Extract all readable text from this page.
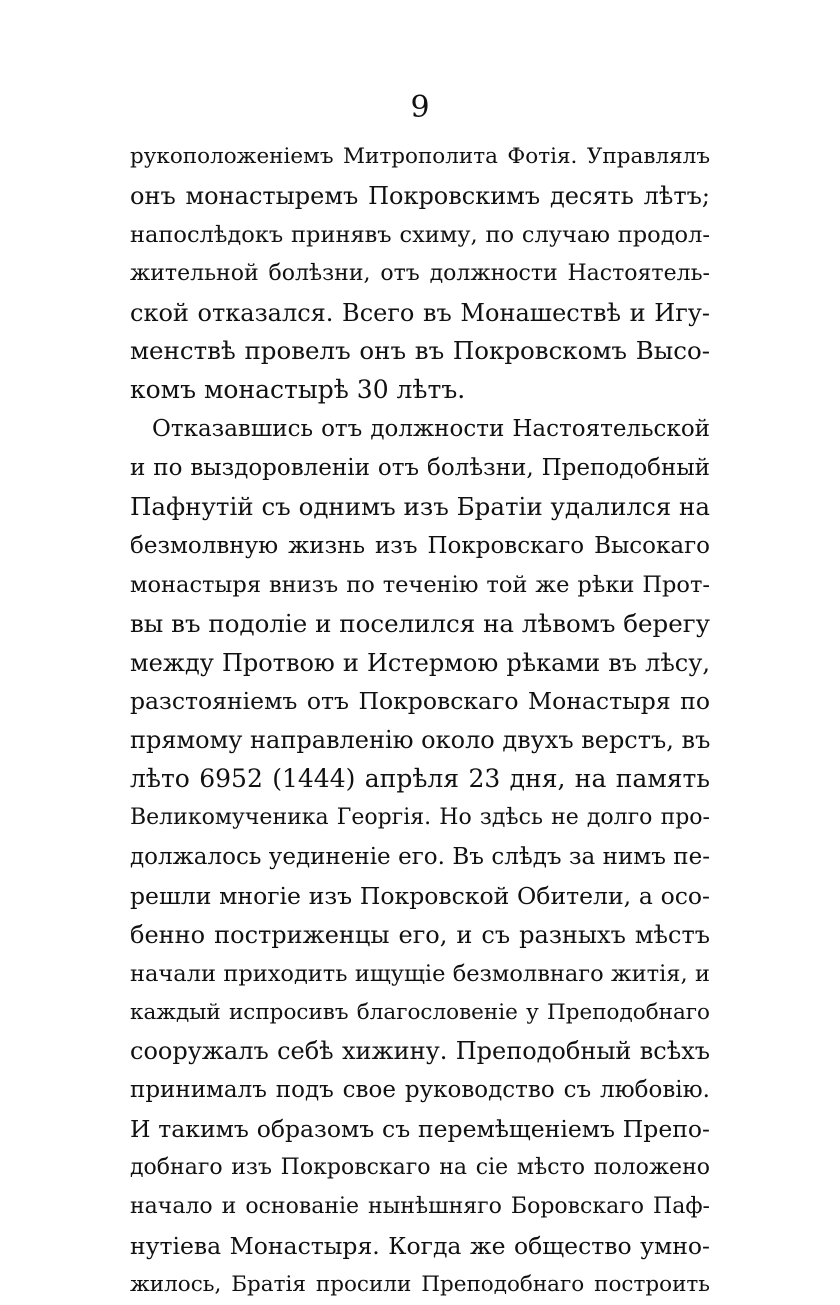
9
рукоположенiемъ Митрополита Фотiя. Управлялъ
онъ монастыремъ Покровскимъ десять лѣтъ;
напослѣдокъ принявъ схиму, по случаю продол-
жительной болѣзни, отъ должности Настоятель-
ской отказался. Всего въ Монашествѣ и Игу-
менствѣ провелъ онъ въ Покровскомъ Высо-
комъ монастырѣ 30 лѣтъ.
Отказавшись отъ должности Настоятельской
и по выздоровленiи отъ болѣзни, Преподобный
Пафнутiй съ однимъ изъ Братiи удалился на
безмолвную жизнь изъ Покровскаго Высокаго
монастыря внизъ по теченiю той же рѣки Прот-
вы въ подолiе и поселился на лѣвомъ берегу
между Протвою и Истермою рѣками въ лѣсу,
разстоянiемъ отъ Покровскаго Монастыря по
прямому направленiю около двухъ верстъ, въ
лѣто 6952 (1444) апрѣля 23 дня, на память
Великомученика Георгiя. Но здѣсь не долго про-
должалось уединенiе его. Въ слѣдъ за нимъ пе-
решли многiе изъ Покровской Обители, а осо-
бенно постриженцы его, и съ разныхъ мѣстъ
начали приходить ищущiе безмолвнаго житiя, и
каждый испросивъ благословенiе у Преподобнаго
сооружалъ себѣ хижину. Преподобный всѣхъ
принималъ подъ свое руководство съ любовiю.
И такимъ образомъ съ перемѣщенiемъ Препо-
добнаго изъ Покровскаго на сiе мѣсто положено
начало и основанiе нынѣшняго Боровскаго Паф-
нутiева Монастыря. Когда же общество умно-
жилось, Братiя просили Преподобнаго построить
